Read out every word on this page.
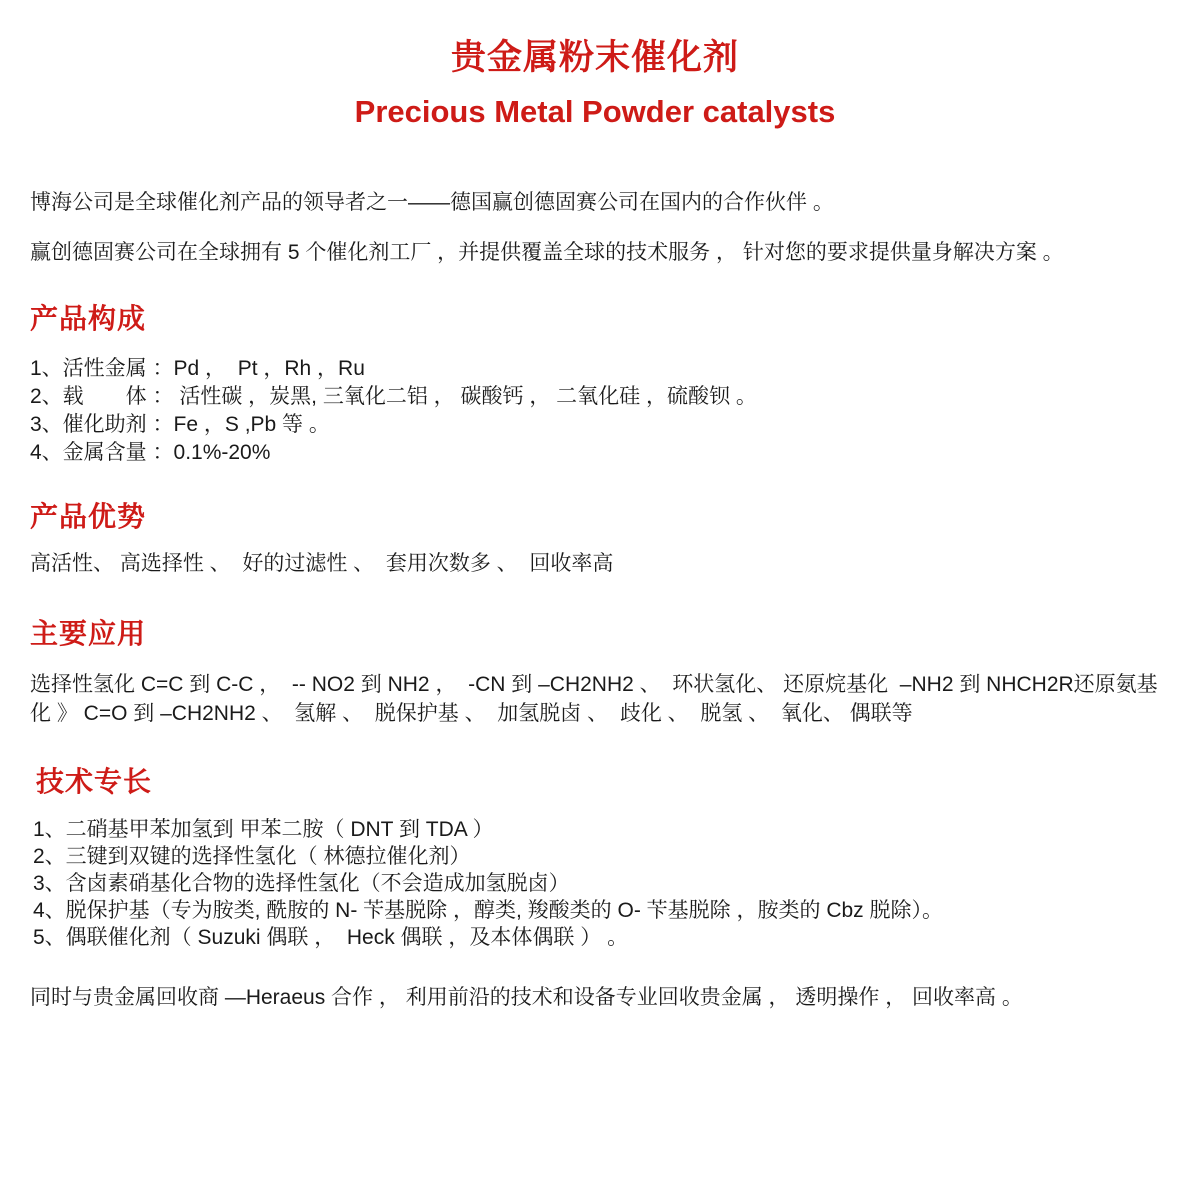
贵金属粉末催化剂
Precious Metal Powder catalysts

博海公司是全球催化剂产品的领导者之一——德国赢创德固赛公司在国内的合作伙伴 。

赢创德固赛公司在全球拥有 5 个催化剂工厂 ，并提供覆盖全球的技术服务 ， 针对您的要求提供量身解决方案 。

产品构成

1、活性金属 ：Pd ，  Pt ，Rh ，Ru

2、载　　体 ： 活性碳 ，炭黑, 三氧化二铝 ， 碳酸钙 ， 二氧化硅 ，硫酸钡 。

3、催化助剂 ：Fe ，S ,Pb 等 。

4、金属含量 ：0.1%-20%

产品优势

高活性、 高选择性 、  好的过滤性 、  套用次数多 、  回收率高

主要应用

选择性氢化 C=C 到 C-C ，  -- NO2 到 NH2 ，  -CN 到 –CH2NH2 、  环状氢化、 还原烷基化  –NH2 到 NHCH2R还原氨基化 》 C=O 到 –CH2NH2 、  氢解 、  脱保护基 、  加氢脱卤 、  歧化 、  脱氢 、  氧化、 偶联等

技术专长

1、二硝基甲苯加氢到 甲苯二胺（ DNT 到 TDA ）

2、三键到双键的选择性氢化（ 林德拉催化剂）

3、含卤素硝基化合物的选择性氢化（不会造成加氢脱卤）

4、脱保护基（专为胺类, 酰胺的 N- 苄基脱除 ，醇类, 羧酸类的 O- 苄基脱除 ，胺类的 Cbz 脱除）。

5、偶联催化剂（ Suzuki 偶联 ，  Heck 偶联 ，及本体偶联 ） 。

同时与贵金属回收商 —Heraeus 合作 ， 利用前沿的技术和设备专业回收贵金属 ， 透明操作 ， 回收率高 。
